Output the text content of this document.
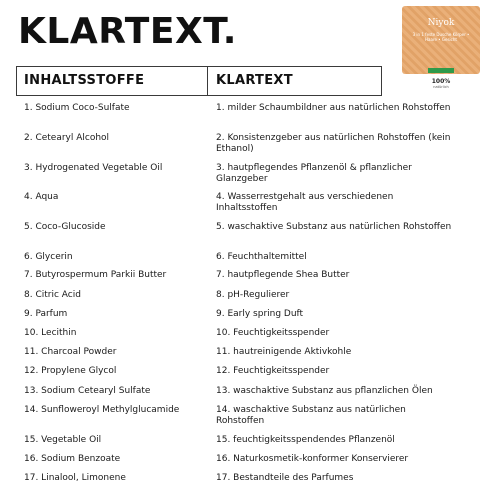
KLARTEXT.	Niyok
3 in 1 feste Dusche Körper • Haare • Gesicht
100%
natürlich
INHALTSSTOFFE	KLARTEXT
1. Sodium Coco-Sulfate	1. milder Schaumbildner aus natürlichen Rohstoffen
2. Cetearyl Alcohol	2. Konsistenzgeber aus natürlichen Rohstoffen (kein Ethanol)
3. Hydrogenated Vegetable Oil	3. hautpflegendes Pflanzenöl & pflanzlicher Glanzgeber
4. Aqua	4. Wasserrestgehalt aus verschiedenen Inhaltsstoffen
5. Coco-Glucoside	5. waschaktive Substanz aus natürlichen Rohstoffen
6. Glycerin	6. Feuchthaltemittel
7. Butyrospermum Parkii Butter	7. hautpflegende Shea Butter
8. Citric Acid	8. pH-Regulierer
9. Parfum	9. Early spring Duft
10. Lecithin	10. Feuchtigkeitsspender
11. Charcoal Powder	11. hautreinigende Aktivkohle
12. Propylene Glycol	12. Feuchtigkeitsspender
13. Sodium Cetearyl Sulfate	13. waschaktive Substanz aus pflanzlichen Ölen
14. Sunfloweroyl Methylglucamide	14. waschaktive Substanz aus natürlichen Rohstoffen
15. Vegetable Oil	15. feuchtigkeitsspendendes Pflanzenöl
16. Sodium Benzoate	16. Naturkosmetik-konformer Konservierer
17. Linalool, Limonene	17. Bestandteile des Parfumes
